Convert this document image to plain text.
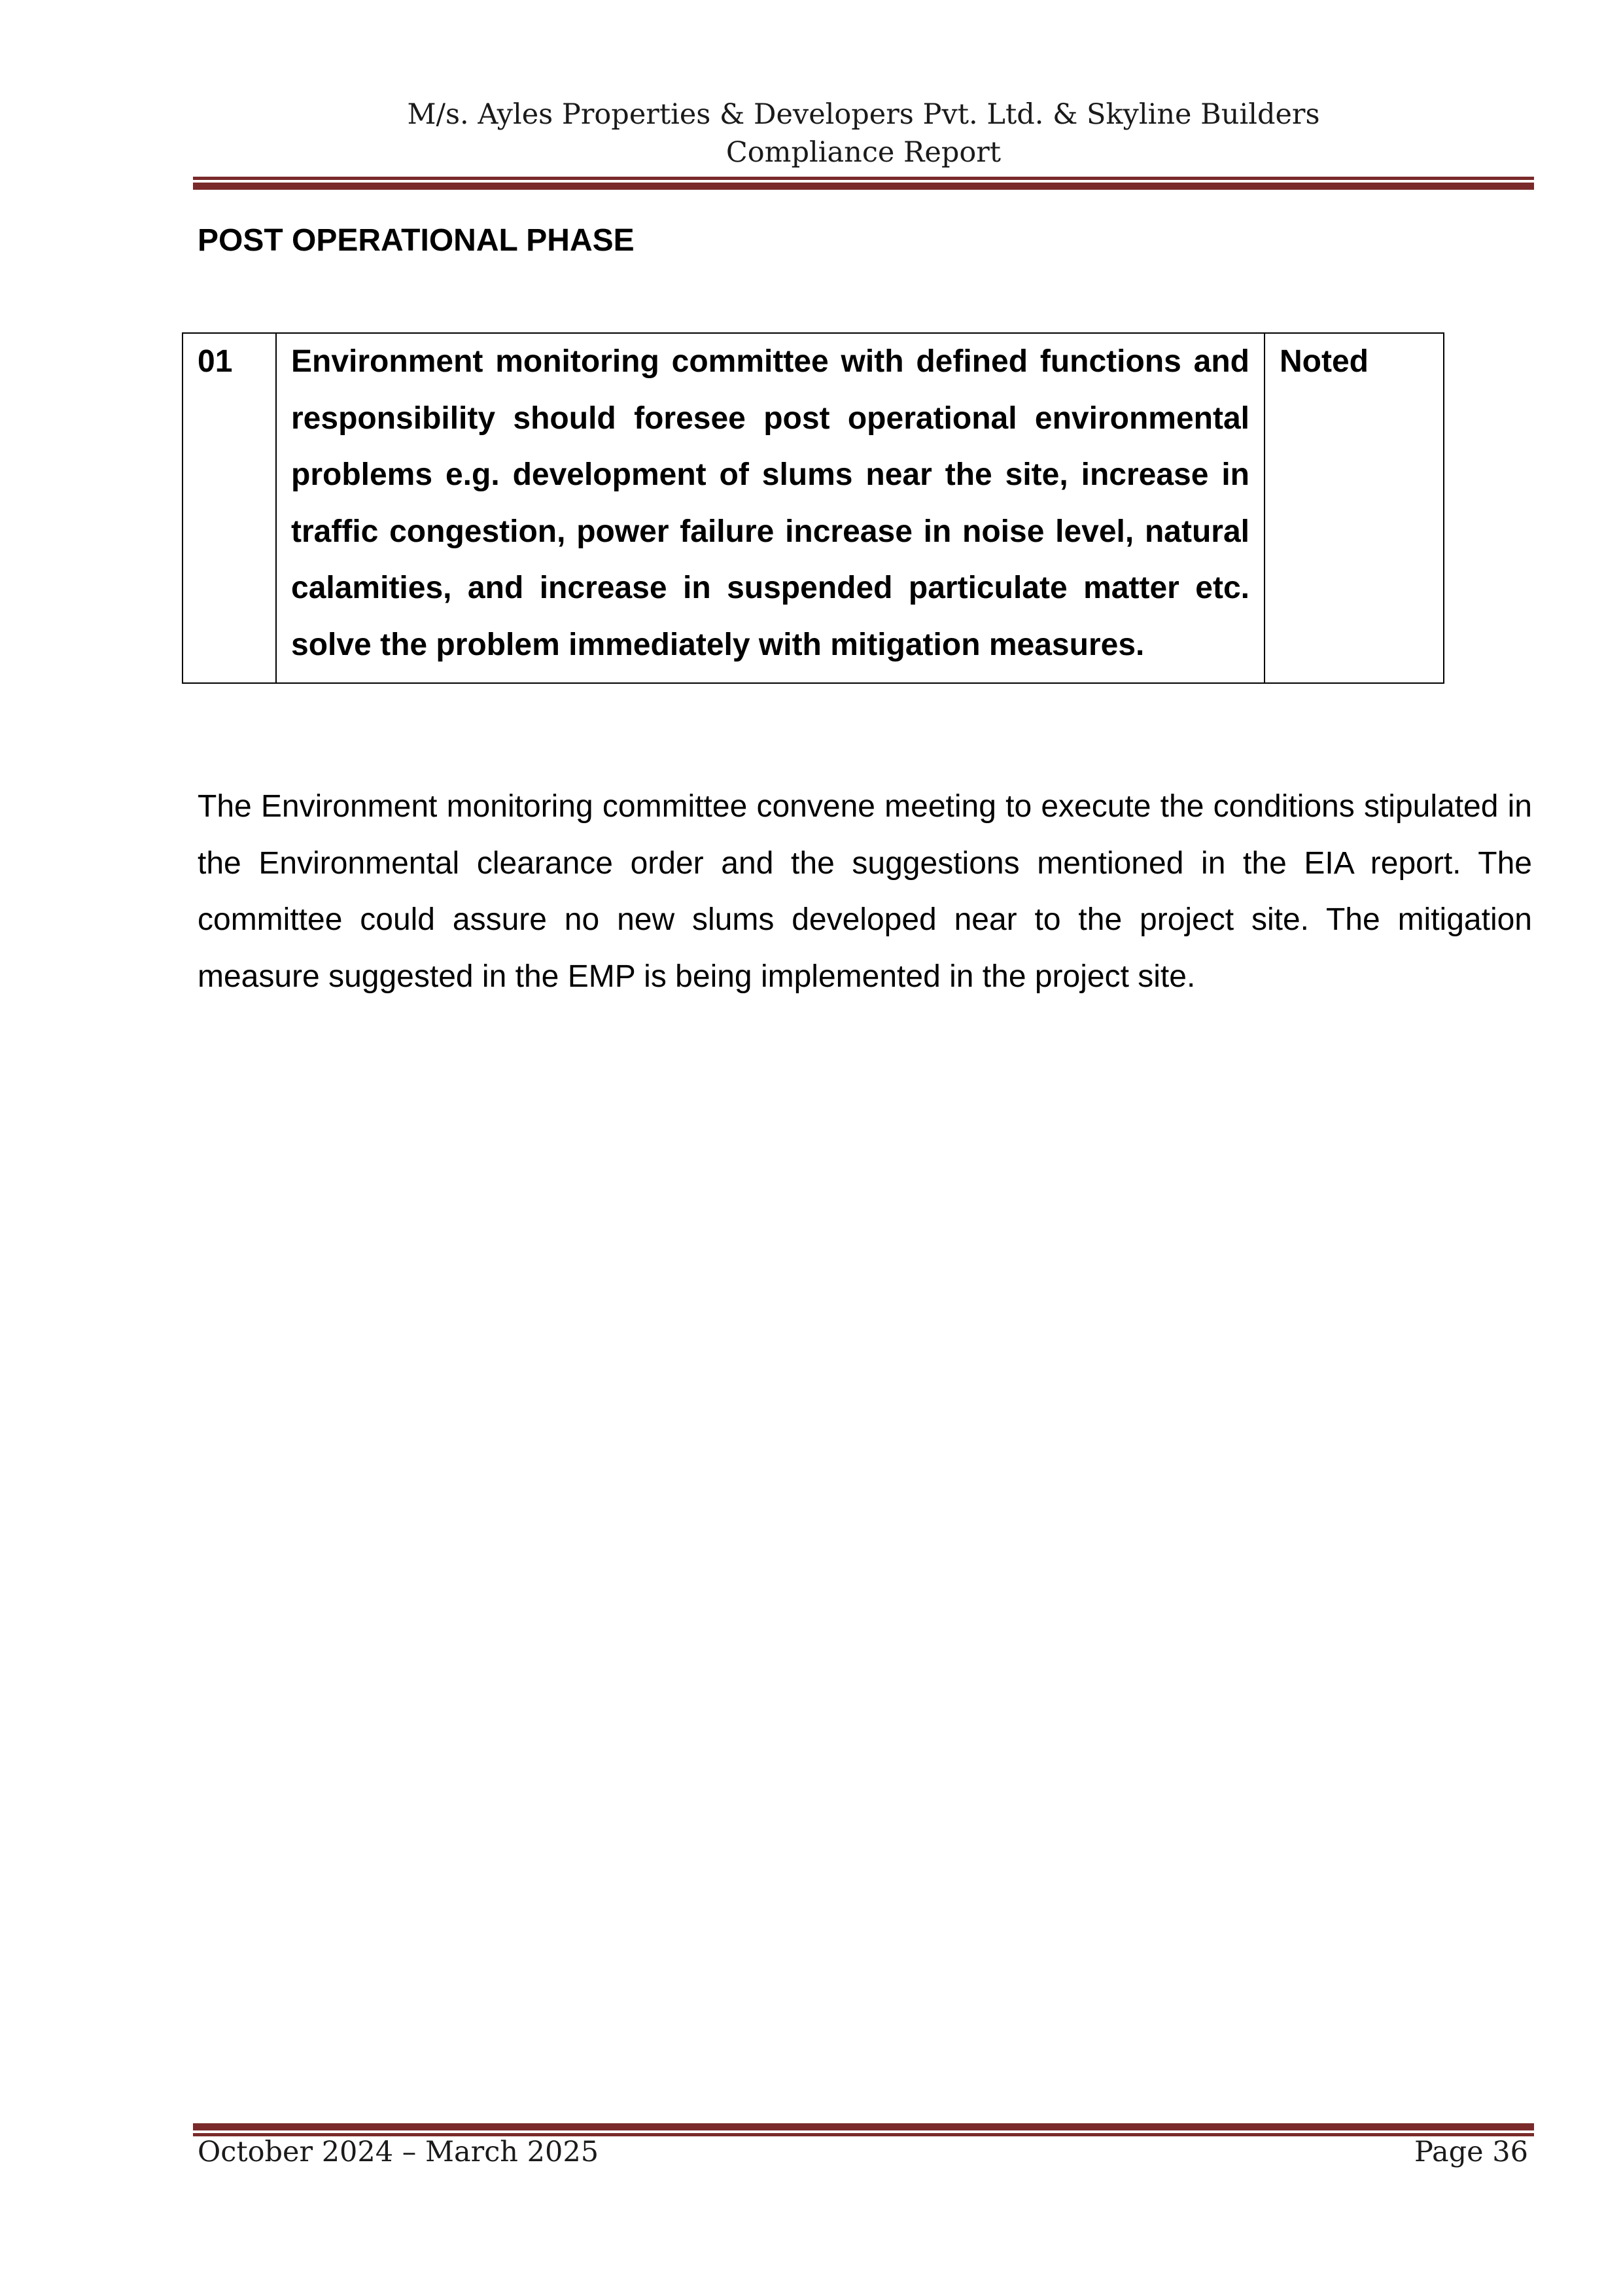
M/s. Ayles Properties & Developers Pvt. Ltd. & Skyline Builders
Compliance Report
POST OPERATIONAL PHASE
01	Environment monitoring committee with defined functions and responsibility should foresee post operational environmental problems e.g. development of slums near the site, increase in traffic congestion, power failure increase in noise level, natural calamities, and increase in suspended particulate matter etc. solve the problem immediately with mitigation measures.	Noted
The Environment monitoring committee convene meeting to execute the conditions stipulated in the Environmental clearance order and the suggestions mentioned in the EIA report. The committee could assure no new slums developed near to the project site. The mitigation measure suggested in the EMP is being implemented in the project site.
October 2024 – March 2025	Page 36
